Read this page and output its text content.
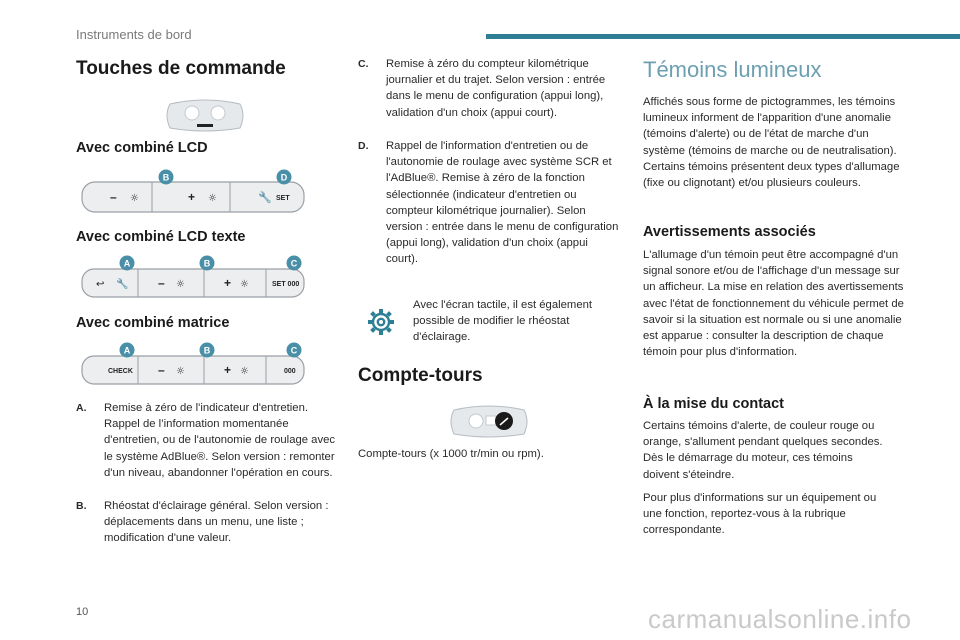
Instruments de bord
Touches de commande
Avec combiné LCD
– ☼	+ ☼	🔧 SET
B	D
Avec combiné LCD texte
↩ 🔧 – ☼	+ ☼	SET 000
A	B	C
Avec combiné matrice
CHECK – ☼	+ ☼	000
A	B	C
A. Remise à zéro de l'indicateur d'entretien. Rappel de l’information momentanée d'entretien, ou de l'autonomie de roulage avec le système AdBlue®. Selon version : remonter d'un niveau, abandonner l'opération en cours.
B. Rhéostat d'éclairage général. Selon version : déplacements dans un menu, une liste ; modification d'une valeur.
C. Remise à zéro du compteur kilométrique journalier et du trajet. Selon version : entrée dans le menu de configuration (appui long), validation d'un choix (appui court).
D. Rappel de l'information d'entretien ou de l'autonomie de roulage avec système SCR et l'AdBlue®. Remise à zéro de la fonction sélectionnée (indicateur d'entretien ou compteur kilométrique journalier). Selon version : entrée dans le menu de configuration (appui long), validation d'un choix (appui court).
Avec l'écran tactile, il est également possible de modifier le rhéostat d'éclairage.
Compte-tours
Compte-tours (x 1000 tr/min ou rpm).
Témoins lumineux
Affichés sous forme de pictogrammes, les témoins lumineux informent de l'apparition d'une anomalie (témoins d'alerte) ou de l'état de marche d'un système (témoins de marche ou de neutralisation). Certains témoins présentent deux types d'allumage (fixe ou clignotant) et/ou plusieurs couleurs.
Avertissements associés
L'allumage d'un témoin peut être accompagné d'un signal sonore et/ou de l'affichage d'un message sur un afficheur. La mise en relation des avertissements avec l'état de fonctionnement du véhicule permet de savoir si la situation est normale ou si une anomalie est apparue : consulter la description de chaque témoin pour plus d'information.
À la mise du contact
Certains témoins d'alerte, de couleur rouge ou orange, s'allument pendant quelques secondes. Dès le démarrage du moteur, ces témoins doivent s'éteindre.
Pour plus d'informations sur un équipement ou une fonction, reportez-vous à la rubrique correspondante.
10	carmanualsonline.info
